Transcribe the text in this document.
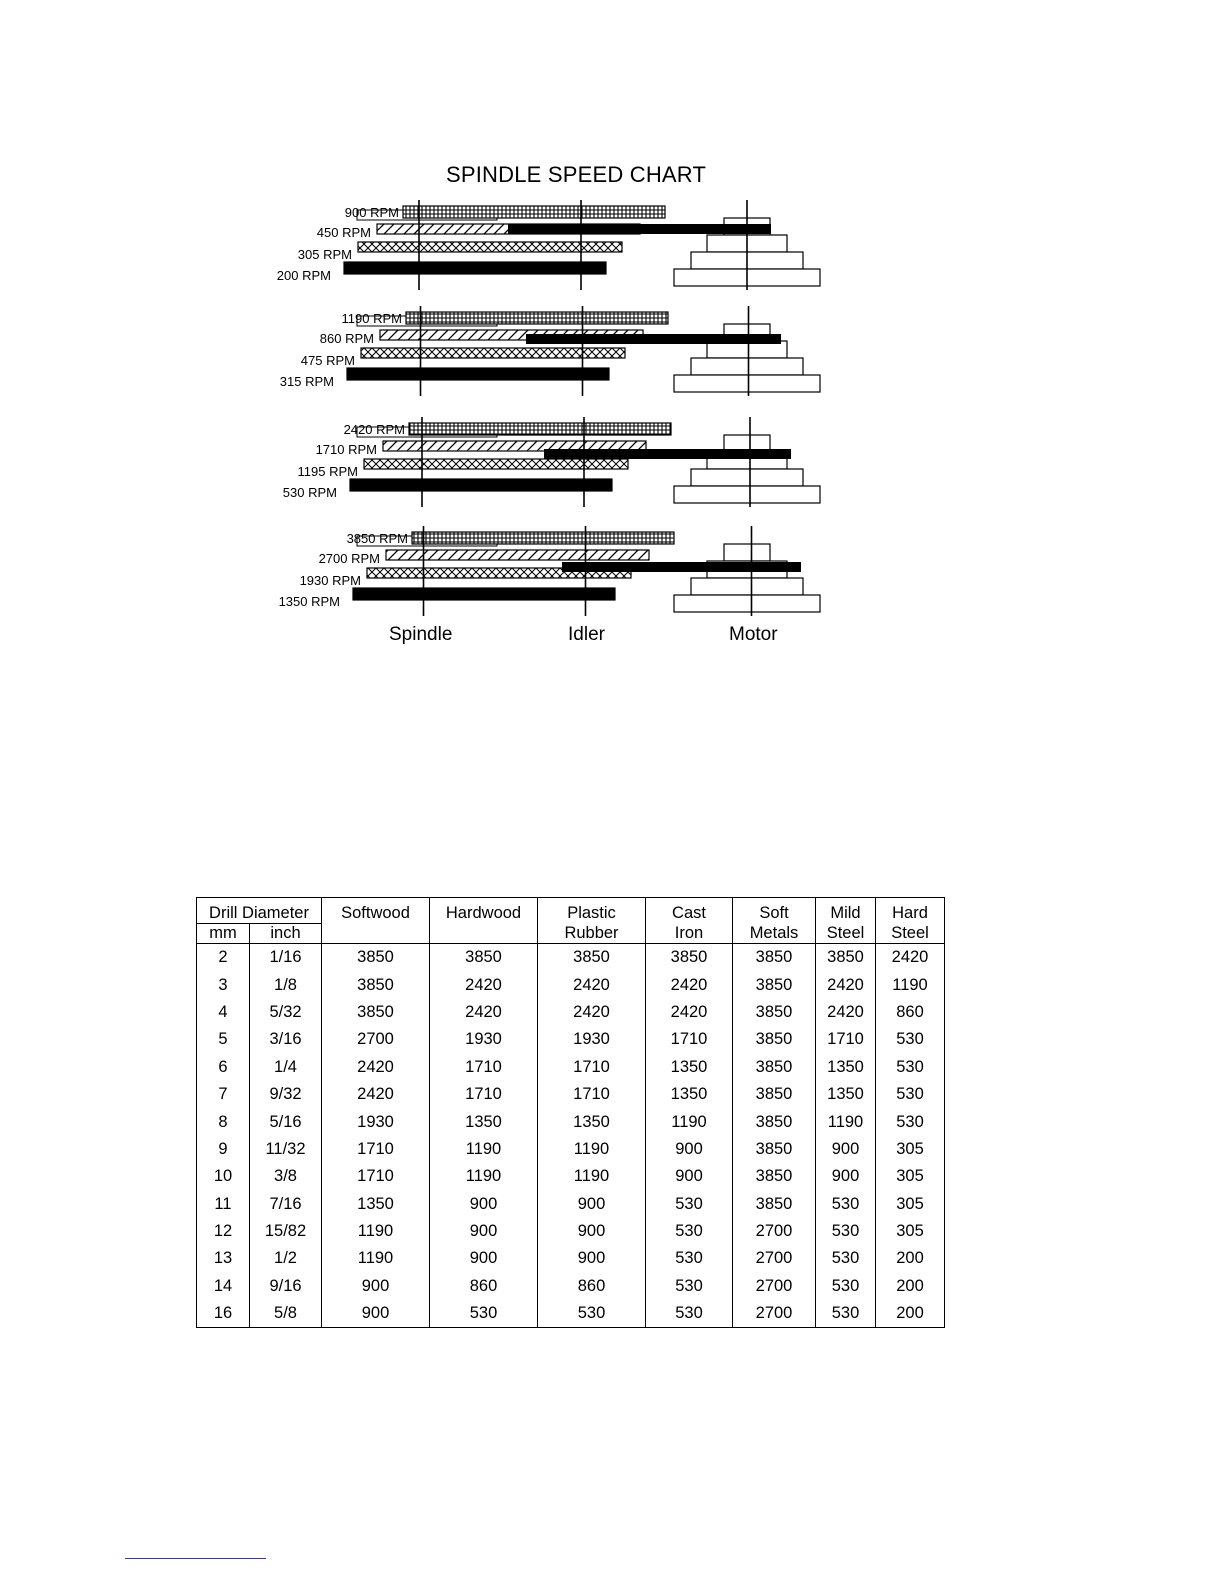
SPINDLE SPEED CHART
900 RPM
450 RPM
305 RPM
200 RPM
1190 RPM
860 RPM
475 RPM
315 RPM
2420 RPM
1710 RPM
1195 RPM
530 RPM
3850 RPM
2700 RPM
1930 RPM
1350 RPM
Spindle	Idler	Motor
Drill Diameter		Softwood	Hardwood	Plastic	Cast	Soft	Mild	Hard
mm	inch			Rubber	Iron	Metals	Steel	Steel
2	1/16	3850	3850	3850	3850	3850	3850	2420
3	1/8	3850	2420	2420	2420	3850	2420	1190
4	5/32	3850	2420	2420	2420	3850	2420	860
5	3/16	2700	1930	1930	1710	3850	1710	530
6	1/4	2420	1710	1710	1350	3850	1350	530
7	9/32	2420	1710	1710	1350	3850	1350	530
8	5/16	1930	1350	1350	1190	3850	1190	530
9	11/32	1710	1190	1190	900	3850	900	305
10	3/8	1710	1190	1190	900	3850	900	305
11	7/16	1350	900	900	530	3850	530	305
12	15/82	1190	900	900	530	2700	530	305
13	1/2	1190	900	900	530	2700	530	200
14	9/16	900	860	860	530	2700	530	200
16	5/8	900	530	530	530	2700	530	200
